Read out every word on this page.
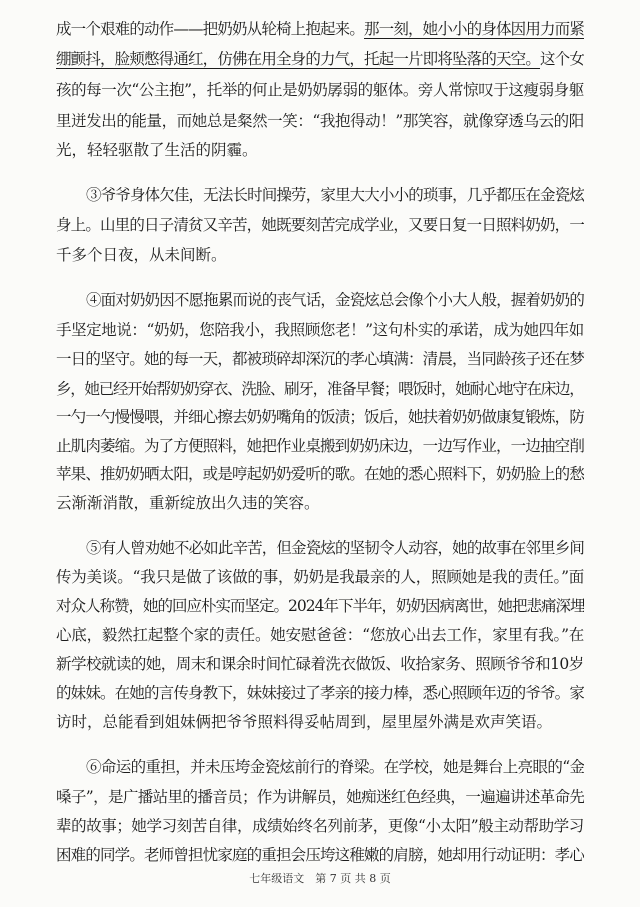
成一个艰难的动作——把奶奶从轮椅上抱起来。那一刻，她小小的身体因用力而紧
绷颤抖，脸颊憋得通红，仿佛在用全身的力气，托起一片即将坠落的天空。这个女
孩的每一次“公主抱”，托举的何止是奶奶孱弱的躯体。旁人常惊叹于这瘦弱身躯
里迸发出的能量，而她总是粲然一笑：“我抱得动！”那笑容，就像穿透乌云的阳
光，轻轻驱散了生活的阴霾。
③爷爷身体欠佳，无法长时间操劳，家里大大小小的琐事，几乎都压在金瓷炫
身上。山里的日子清贫又辛苦，她既要刻苦完成学业，又要日复一日照料奶奶，一
千多个日夜，从未间断。
④面对奶奶因不愿拖累而说的丧气话，金瓷炫总会像个小大人般，握着奶奶的
手坚定地说：“奶奶，您陪我小，我照顾您老！”这句朴实的承诺，成为她四年如
一日的坚守。她的每一天，都被琐碎却深沉的孝心填满：清晨，当同龄孩子还在梦
乡，她已经开始帮奶奶穿衣、洗脸、刷牙，准备早餐；喂饭时，她耐心地守在床边，
一勺一勺慢慢喂，并细心擦去奶奶嘴角的饭渍；饭后，她扶着奶奶做康复锻炼，防
止肌肉萎缩。为了方便照料，她把作业桌搬到奶奶床边，一边写作业，一边抽空削
苹果、推奶奶晒太阳，或是哼起奶奶爱听的歌。在她的悉心照料下，奶奶脸上的愁
云渐渐消散，重新绽放出久违的笑容。
⑤有人曾劝她不必如此辛苦，但金瓷炫的坚韧令人动容，她的故事在邻里乡间
传为美谈。“我只是做了该做的事，奶奶是我最亲的人，照顾她是我的责任。”面
对众人称赞，她的回应朴实而坚定。2024年下半年，奶奶因病离世，她把悲痛深埋
心底，毅然扛起整个家的责任。她安慰爸爸：“您放心出去工作，家里有我。”在
新学校就读的她，周末和课余时间忙碌着洗衣做饭、收拾家务、照顾爷爷和10岁
的妹妹。在她的言传身教下，妹妹接过了孝亲的接力棒，悉心照顾年迈的爷爷。家
访时，总能看到姐妹俩把爷爷照料得妥帖周到，屋里屋外满是欢声笑语。
⑥命运的重担，并未压垮金瓷炫前行的脊梁。在学校，她是舞台上亮眼的“金
嗓子”，是广播站里的播音员；作为讲解员，她痴迷红色经典，一遍遍讲述革命先
辈的故事；她学习刻苦自律，成绩始终名列前茅，更像“小太阳”般主动帮助学习
困难的同学。老师曾担忧家庭的重担会压垮这稚嫩的肩膀，她却用行动证明：孝心
七年级语文　第 7 页 共 8 页
